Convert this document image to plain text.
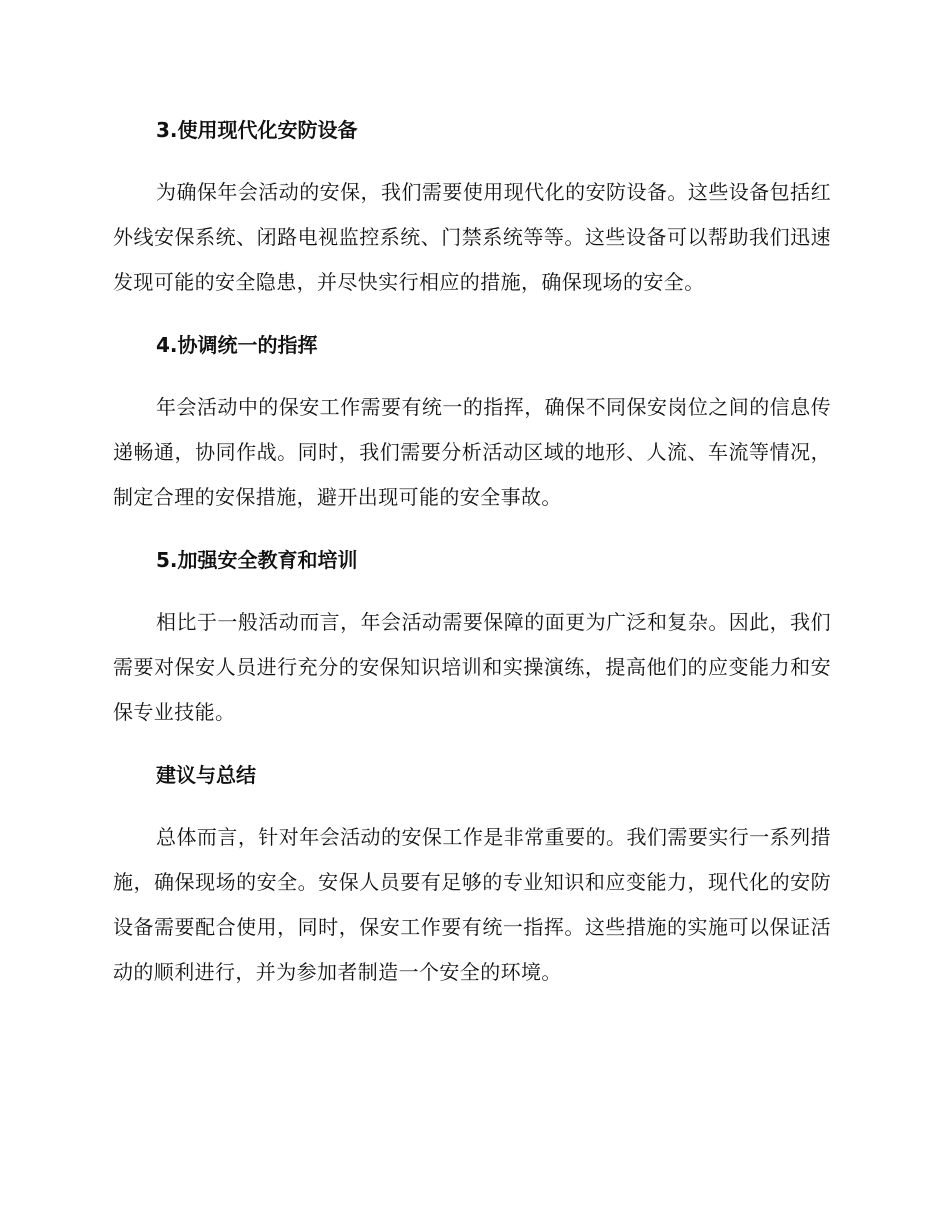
3.使用现代化安防设备

为确保年会活动的安保，我们需要使用现代化的安防设备。这些设备包括红外线安保系统、闭路电视监控系统、门禁系统等等。这些设备可以帮助我们迅速发现可能的安全隐患，并尽快实行相应的措施，确保现场的安全。

4.协调统一的指挥

年会活动中的保安工作需要有统一的指挥，确保不同保安岗位之间的信息传递畅通，协同作战。同时，我们需要分析活动区域的地形、人流、车流等情况，制定合理的安保措施，避开出现可能的安全事故。

5.加强安全教育和培训

相比于一般活动而言，年会活动需要保障的面更为广泛和复杂。因此，我们需要对保安人员进行充分的安保知识培训和实操演练，提高他们的应变能力和安保专业技能。

建议与总结

总体而言，针对年会活动的安保工作是非常重要的。我们需要实行一系列措施，确保现场的安全。安保人员要有足够的专业知识和应变能力，现代化的安防设备需要配合使用，同时，保安工作要有统一指挥。这些措施的实施可以保证活动的顺利进行，并为参加者制造一个安全的环境。
